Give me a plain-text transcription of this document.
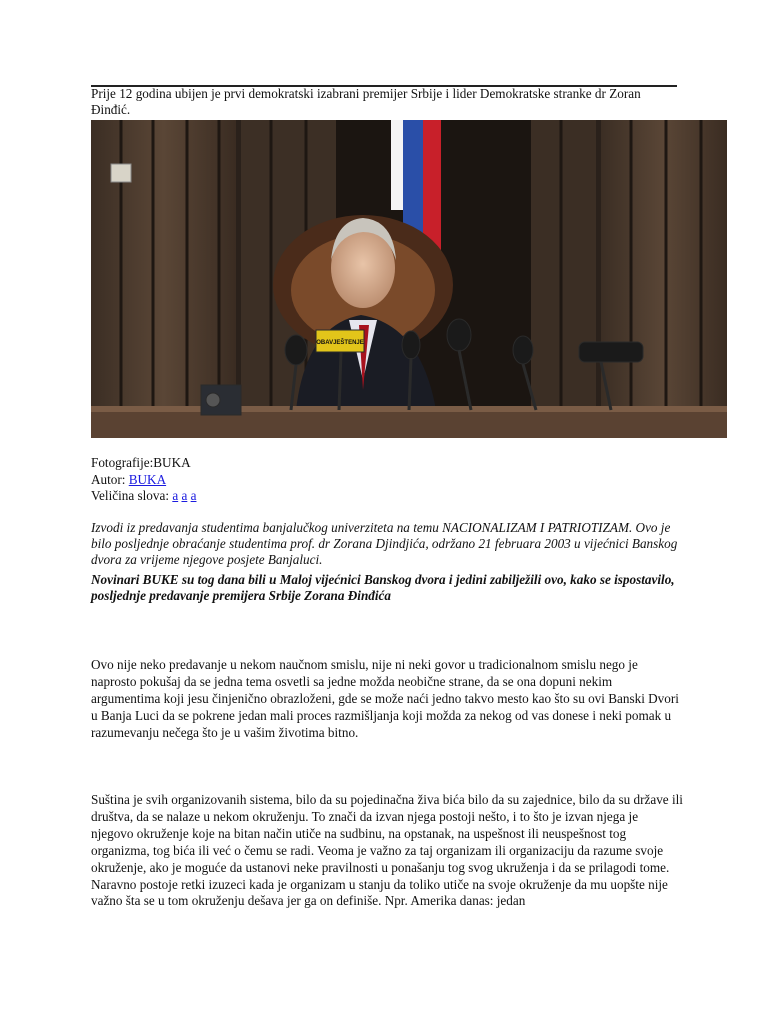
Prije 12 godina ubijen je prvi demokratski izabrani premijer Srbije i lider Demokratske stranke dr Zoran Đinđić.

OBAVJEŠTENJE

Fotografije:BUKA
Autor: BUKA
Veličina slova: a a a

Izvodi iz predavanja studentima banjalučkog univerziteta na temu NACIONALIZAM I PATRIOTIZAM. Ovo je bilo posljednje obraćanje studentima prof. dr Zorana Djindjića, održano 21 februara 2003 u vijećnici Banskog dvora za vrijeme njegove posjete Banjaluci.

Novinari BUKE su tog dana bili u Maloj vijećnici Banskog dvora i jedini zabilježili ovo, kako se ispostavilo, posljednje predavanje premijera Srbije Zorana Đinđića

Ovo nije neko predavanje u nekom naučnom smislu, nije ni neki govor u tradicionalnom smislu nego je naprosto pokušaj da se jedna tema osvetli sa jedne možda neobične strane, da se ona dopuni nekim argumentima koji jesu činjenično obrazloženi, gde se može naći jedno takvo mesto kao što su ovi Banski Dvori u Banja Luci da se pokrene jedan mali proces razmišljanja koji možda za nekog od vas donese i neki pomak u razumevanju nečega što je u vašim životima bitno.

Suština je svih organizovanih sistema, bilo da su pojedinačna živa bića bilo da su zajednice, bilo da su države ili društva, da se nalaze u nekom okruženju. To znači da izvan njega postoji nešto, i to što je izvan njega je njegovo okruženje koje na bitan način utiče na sudbinu, na opstanak, na uspešnost ili neuspešnost tog organizma, tog bića ili već o čemu se radi. Veoma je važno za taj organizam ili organizaciju da razume svoje okruženje, ako je moguće da ustanovi neke pravilnosti u ponašanju tog svog ukruženja i da se prilagodi tome. Naravno postoje retki izuzeci kada je organizam u stanju da toliko utiče na svoje okruženje da mu uopšte nije važno šta se u tom okruženju dešava jer ga on definiše. Npr. Amerika danas: jedan
